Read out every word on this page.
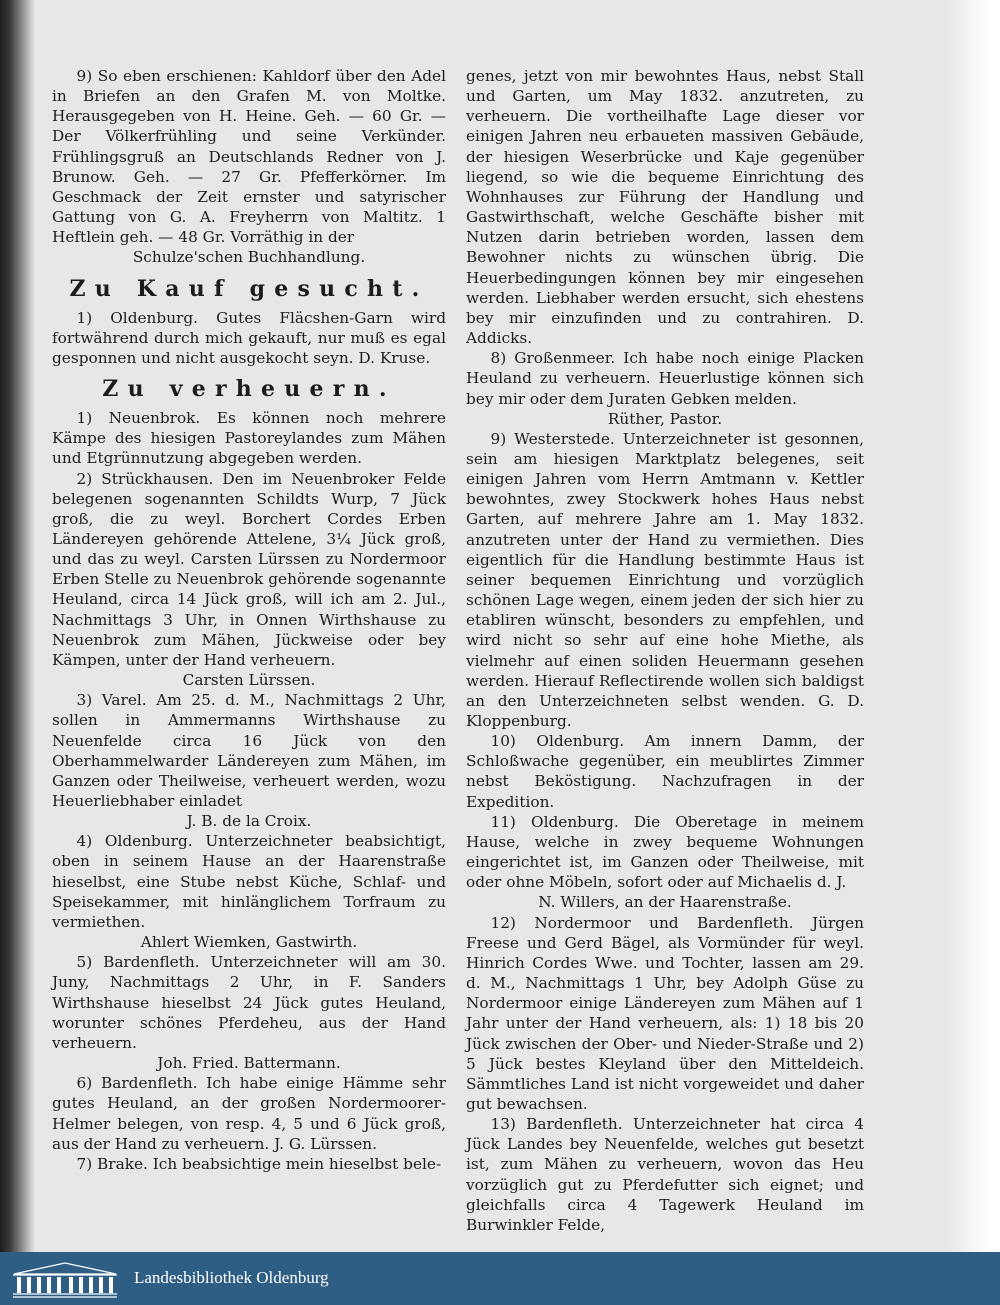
9) So eben erschienen: Kahldorf über den Adel in Briefen an den Grafen M. von Moltke. Herausgegeben von H. Heine. Geh. — 60 Gr. — Der Völkerfrühling und seine Verkünder. Frühlingsgruß an Deutschlands Redner von J. Brunow. Geh. — 27 Gr. Pfefferkörner. Im Geschmack der Zeit ernster und satyrischer Gattung von G. A. Freyherrn von Maltitz. 1 Heftlein geh. — 48 Gr. Vorräthig in der

Schulze'schen Buchhandlung.

Zu Kauf gesucht.

1) Oldenburg. Gutes Fläcshen-Garn wird fortwährend durch mich gekauft, nur muß es egal gesponnen und nicht ausgekocht seyn. D. Kruse.

Zu verheuern.

1) Neuenbrok. Es können noch mehrere Kämpe des hiesigen Pastoreylandes zum Mähen und Etgrünnutzung abgegeben werden.

2) Strückhausen. Den im Neuenbroker Felde belegenen sogenannten Schildts Wurp, 7 Jück groß, die zu weyl. Borchert Cordes Erben Ländereyen gehörende Attelene, 3¼ Jück groß, und das zu weyl. Carsten Lürssen zu Nordermoor Erben Stelle zu Neuenbrok gehörende sogenannte Heuland, circa 14 Jück groß, will ich am 2. Jul., Nachmittags 3 Uhr, in Onnen Wirthshause zu Neuenbrok zum Mähen, Jückweise oder bey Kämpen, unter der Hand verheuern.

Carsten Lürssen.

3) Varel. Am 25. d. M., Nachmittags 2 Uhr, sollen in Ammermanns Wirthshause zu Neuenfelde circa 16 Jück von den Oberhammelwarder Ländereyen zum Mähen, im Ganzen oder Theilweise, verheuert werden, wozu Heuerliebhaber einladet

J. B. de la Croix.

4) Oldenburg. Unterzeichneter beabsichtigt, oben in seinem Hause an der Haarenstraße hieselbst, eine Stube nebst Küche, Schlaf- und Speisekammer, mit hinlänglichem Torfraum zu vermiethen.

Ahlert Wiemken, Gastwirth.

5) Bardenfleth. Unterzeichneter will am 30. Juny, Nachmittags 2 Uhr, in F. Sanders Wirthshause hieselbst 24 Jück gutes Heuland, worunter schönes Pferdeheu, aus der Hand verheuern.

Joh. Fried. Battermann.

6) Bardenfleth. Ich habe einige Hämme sehr gutes Heuland, an der großen Nordermoorer-Helmer belegen, von resp. 4, 5 und 6 Jück groß, aus der Hand zu verheuern. J. G. Lürssen.

7) Brake. Ich beabsichtige mein hieselbst bele-

genes, jetzt von mir bewohntes Haus, nebst Stall und Garten, um May 1832. anzutreten, zu verheuern. Die vortheilhafte Lage dieser vor einigen Jahren neu erbaueten massiven Gebäude, der hiesigen Weserbrücke und Kaje gegenüber liegend, so wie die bequeme Einrichtung des Wohnhauses zur Führung der Handlung und Gastwirthschaft, welche Geschäfte bisher mit Nutzen darin betrieben worden, lassen dem Bewohner nichts zu wünschen übrig. Die Heuerbedingungen können bey mir eingesehen werden. Liebhaber werden ersucht, sich ehestens bey mir einzufinden und zu contrahiren. D. Addicks.

8) Großenmeer. Ich habe noch einige Placken Heuland zu verheuern. Heuerlustige können sich bey mir oder dem Juraten Gebken melden.

Rüther, Pastor.

9) Westerstede. Unterzeichneter ist gesonnen, sein am hiesigen Marktplatz belegenes, seit einigen Jahren vom Herrn Amtmann v. Kettler bewohntes, zwey Stockwerk hohes Haus nebst Garten, auf mehrere Jahre am 1. May 1832. anzutreten unter der Hand zu vermiethen. Dies eigentlich für die Handlung bestimmte Haus ist seiner bequemen Einrichtung und vorzüglich schönen Lage wegen, einem jeden der sich hier zu etabliren wünscht, besonders zu empfehlen, und wird nicht so sehr auf eine hohe Miethe, als vielmehr auf einen soliden Heuermann gesehen werden. Hierauf Reflectirende wollen sich baldigst an den Unterzeichneten selbst wenden. G. D. Kloppenburg.

10) Oldenburg. Am innern Damm, der Schloßwache gegenüber, ein meublirtes Zimmer nebst Beköstigung. Nachzufragen in der Expedition.

11) Oldenburg. Die Oberetage in meinem Hause, welche in zwey bequeme Wohnungen eingerichtet ist, im Ganzen oder Theilweise, mit oder ohne Möbeln, sofort oder auf Michaelis d. J.

N. Willers, an der Haarenstraße.

12) Nordermoor und Bardenfleth. Jürgen Freese und Gerd Bägel, als Vormünder für weyl. Hinrich Cordes Wwe. und Tochter, lassen am 29. d. M., Nachmittags 1 Uhr, bey Adolph Güse zu Nordermoor einige Ländereyen zum Mähen auf 1 Jahr unter der Hand verheuern, als: 1) 18 bis 20 Jück zwischen der Ober- und Nieder-Straße und 2) 5 Jück bestes Kleyland über den Mitteldeich. Sämmtliches Land ist nicht vorgeweidet und daher gut bewachsen.

13) Bardenfleth. Unterzeichneter hat circa 4 Jück Landes bey Neuenfelde, welches gut besetzt ist, zum Mähen zu verheuern, wovon das Heu vorzüglich gut zu Pferdefutter sich eignet; und gleichfalls circa 4 Tagewerk Heuland im Burwinkler Felde,

Landesbibliothek Oldenburg
